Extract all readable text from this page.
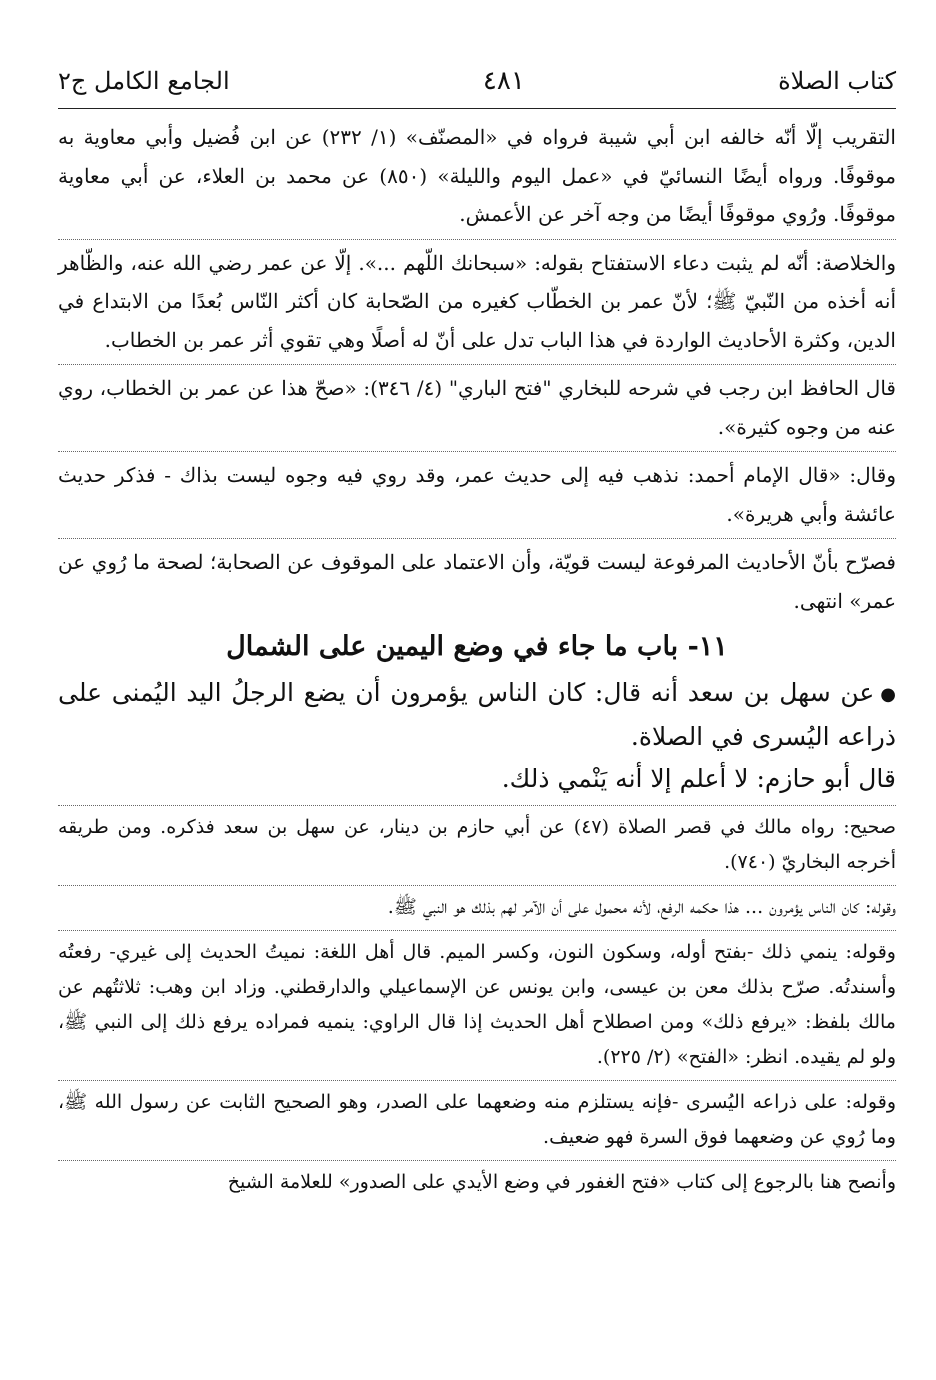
كتاب الصلاة
٤٨١
الجامع الكامل ج٢

التقريب إلّا أنّه خالفه ابن أبي شيبة فرواه في «المصنّف» (١/ ٢٣٢) عن ابن فُضيل وأبي معاوية به موقوفًا. ورواه أيضًا النسائيّ في «عمل اليوم والليلة» (٨٥٠) عن محمد بن العلاء، عن أبي معاوية موقوفًا. ورُوي موقوفًا أيضًا من وجه آخر عن الأعمش.

والخلاصة: أنّه لم يثبت دعاء الاستفتاح بقوله: «سبحانك اللّهم ...». إلّا عن عمر رضي الله عنه، والظّاهر أنه أخذه من النّبيّ ﷺ؛ لأنّ عمر بن الخطّاب كغيره من الصّحابة كان أكثر النّاس بُعدًا من الابتداع في الدين، وكثرة الأحاديث الواردة في هذا الباب تدل على أنّ له أصلًا وهي تقوي أثر عمر بن الخطاب.

قال الحافظ ابن رجب في شرحه للبخاري "فتح الباري" (٤/ ٣٤٦): «صحّ هذا عن عمر بن الخطاب، روي عنه من وجوه كثيرة».

وقال: «قال الإمام أحمد: نذهب فيه إلى حديث عمر، وقد روي فيه وجوه ليست بذاك - فذكر حديث عائشة وأبي هريرة».

فصرّح بأنّ الأحاديث المرفوعة ليست قويّة، وأن الاعتماد على الموقوف عن الصحابة؛ لصحة ما رُوي عن عمر» انتهى.

١١- باب ما جاء في وضع اليمين على الشمال

●عن سهل بن سعد أنه قال: كان الناس يؤمرون أن يضع الرجلُ اليد اليُمنى على ذراعه اليُسرى في الصلاة.

قال أبو حازم: لا أعلم إلا أنه يَنْمي ذلك.

صحيح: رواه مالك في قصر الصلاة (٤٧) عن أبي حازم بن دينار، عن سهل بن سعد فذكره. ومن طريقه أخرجه البخاريّ (٧٤٠).

وقوله: كان الناس يؤمرون ... هذا حكمه الرفع، لأنه محمول على أن الآمر لهم بذلك هو النبي ﷺ.

وقوله: ينمي ذلك -بفتح أوله، وسكون النون، وكسر الميم. قال أهل اللغة: نميتُ الحديث إلى غيري- رفعتُه وأسندتُه. صرّح بذلك معن بن عيسى، وابن يونس عن الإسماعيلي والدارقطني. وزاد ابن وهب: ثلاثتُهم عن مالك بلفظ: «يرفع ذلك» ومن اصطلاح أهل الحديث إذا قال الراوي: ينميه فمراده يرفع ذلك إلى النبي ﷺ، ولو لم يقيده. انظر: «الفتح» (٢/ ٢٢٥).

وقوله: على ذراعه اليُسرى -فإنه يستلزم منه وضعهما على الصدر، وهو الصحيح الثابت عن رسول الله ﷺ، وما رُوي عن وضعهما فوق السرة فهو ضعيف.

وأنصح هنا بالرجوع إلى كتاب «فتح الغفور في وضع الأيدي على الصدور» للعلامة الشيخ
